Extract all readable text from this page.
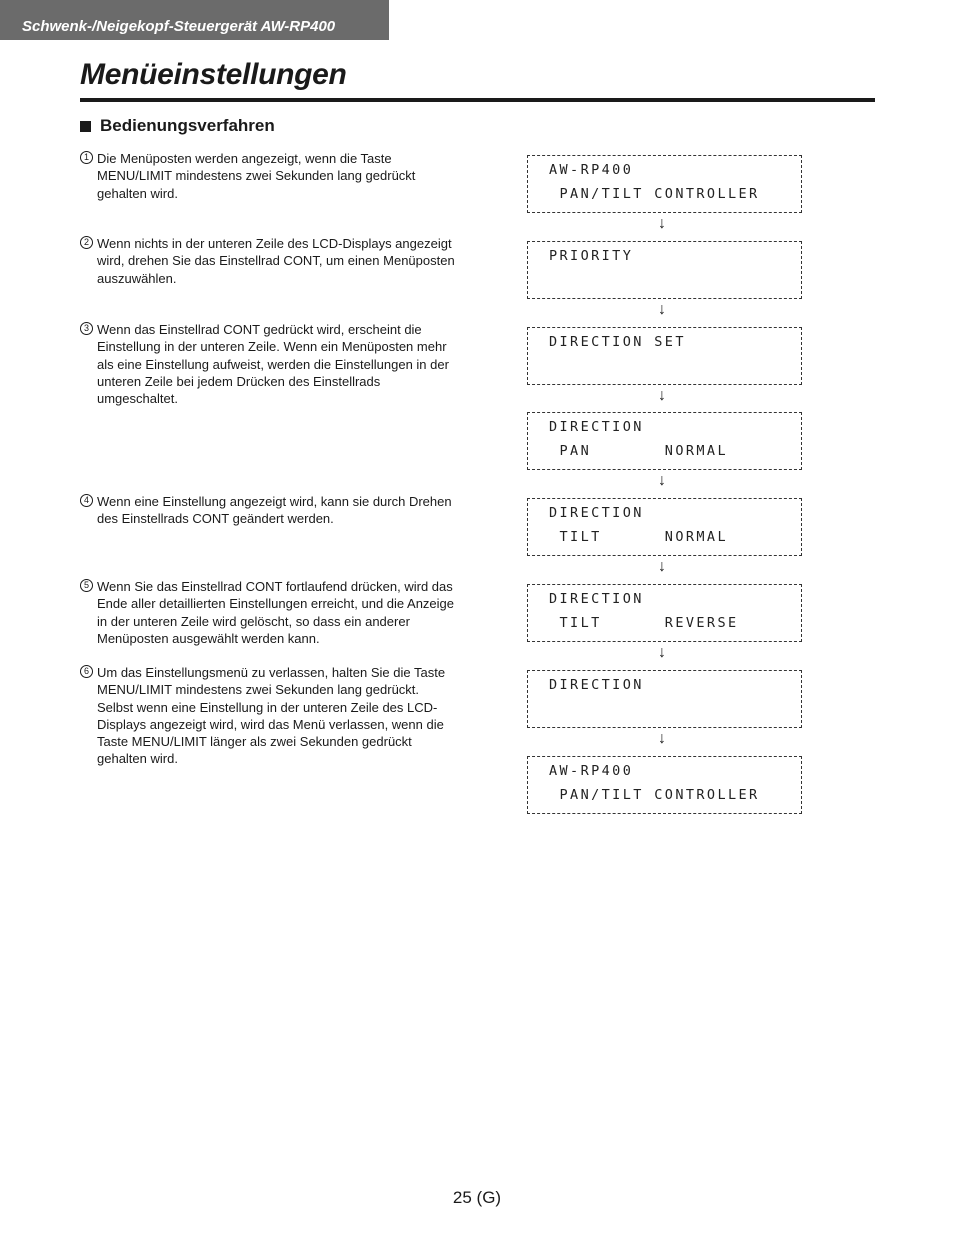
Schwenk-/Neigekopf-Steuergerät AW-RP400
Menüeinstellungen
Bedienungsverfahren
1 Die Menüposten werden angezeigt, wenn die Taste MENU/LIMIT mindestens zwei Sekunden lang gedrückt gehalten wird.

2 Wenn nichts in der unteren Zeile des LCD-Displays angezeigt wird, drehen Sie das Einstellrad CONT, um einen Menüposten auszuwählen.

3 Wenn das Einstellrad CONT gedrückt wird, erscheint die Einstellung in der unteren Zeile. Wenn ein Menüposten mehr als eine Einstellung aufweist, werden die Einstellungen in der unteren Zeile bei jedem Drücken des Einstellrads umgeschaltet.

4 Wenn eine Einstellung angezeigt wird, kann sie durch Drehen des Einstellrads CONT geändert werden.

5 Wenn Sie das Einstellrad CONT fortlaufend drücken, wird das Ende aller detaillierten Einstellungen erreicht, und die Anzeige in der unteren Zeile wird gelöscht, so dass ein anderer Menüposten ausgewählt werden kann.

6 Um das Einstellungsmenü zu verlassen, halten Sie die Taste MENU/LIMIT mindestens zwei Sekunden lang gedrückt.

Selbst wenn eine Einstellung in der unteren Zeile des LCD-Displays angezeigt wird, wird das Menü verlassen, wenn die Taste MENU/LIMIT länger als zwei Sekunden gedrückt gehalten wird.

AW-RP400
PAN/TILT CONTROLLER
↓
PRIORITY
↓
DIRECTION SET
↓
DIRECTION
PAN       NORMAL
↓
DIRECTION
TILT      NORMAL
↓
DIRECTION
TILT      REVERSE
↓
DIRECTION
↓
AW-RP400
PAN/TILT CONTROLLER
25 (G)
